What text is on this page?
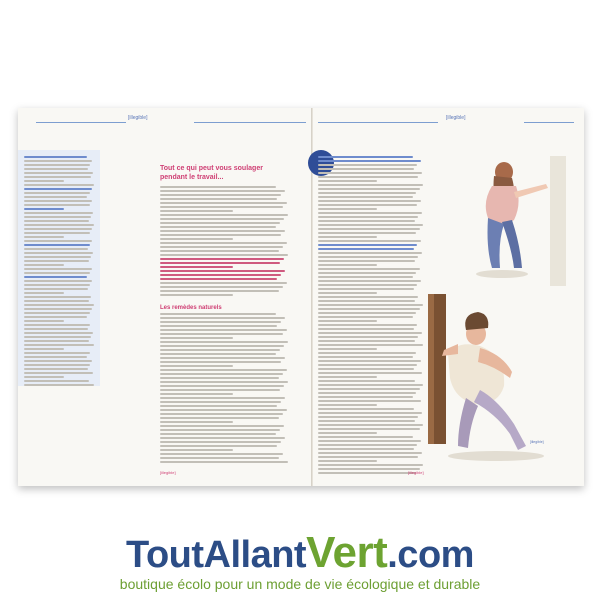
[illegible]	[illegible]
Tout ce qui peut vous soulager pendant le travail...
Les remèdes naturels
[illegible]	[illegible]
[illegible]

ToutAllantVert.com

boutique écolo pour un mode de vie écologique et durable
